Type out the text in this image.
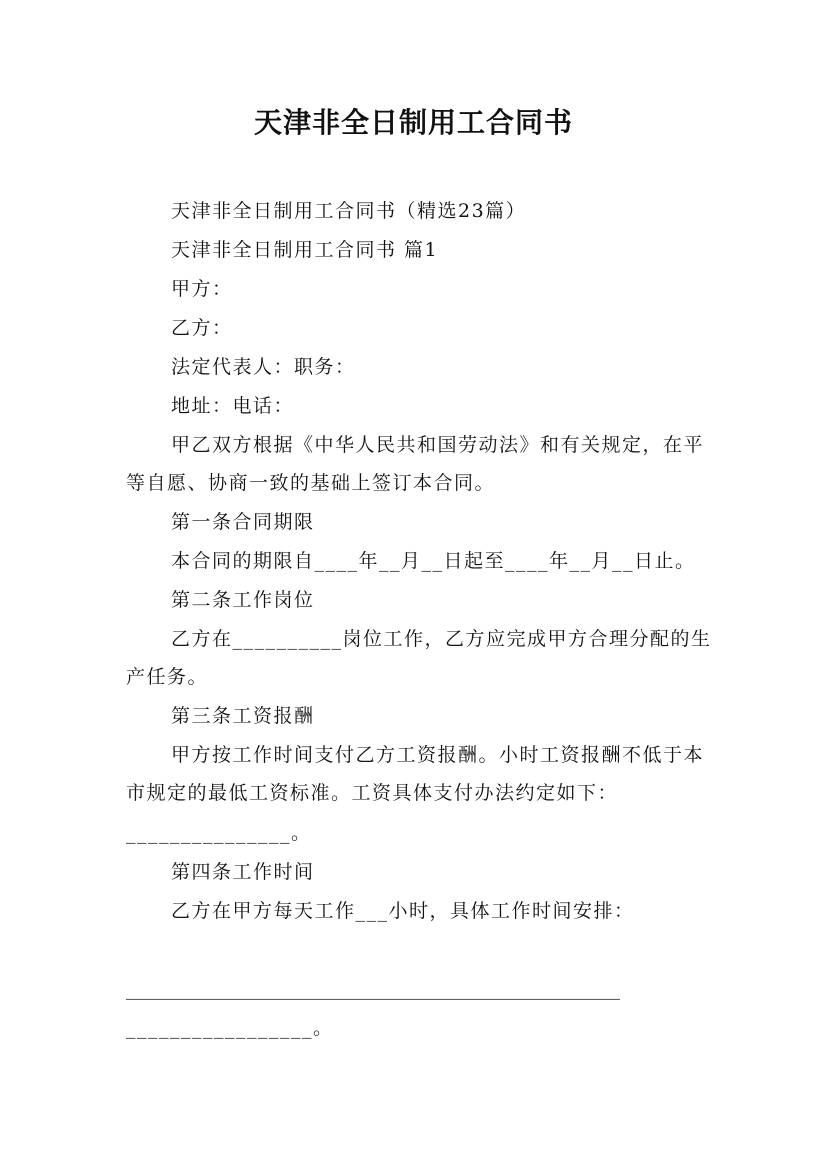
天津非全日制用工合同书
天津非全日制用工合同书（精选23篇）
天津非全日制用工合同书 篇1
甲方：
乙方：
法定代表人：职务：
地址：电话：
甲乙双方根据《中华人民共和国劳动法》和有关规定，在平等自愿、协商一致的基础上签订本合同。
第一条合同期限
本合同的期限自____年__月__日起至____年__月__日止。
第二条工作岗位
乙方在__________岗位工作，乙方应完成甲方合理分配的生产任务。
第三条工资报酬
甲方按工作时间支付乙方工资报酬。小时工资报酬不低于本市规定的最低工资标准。工资具体支付办法约定如下：
_______________。
第四条工作时间
乙方在甲方每天工作___小时，具体工作时间安排：
____________________________________________________
_________________。
